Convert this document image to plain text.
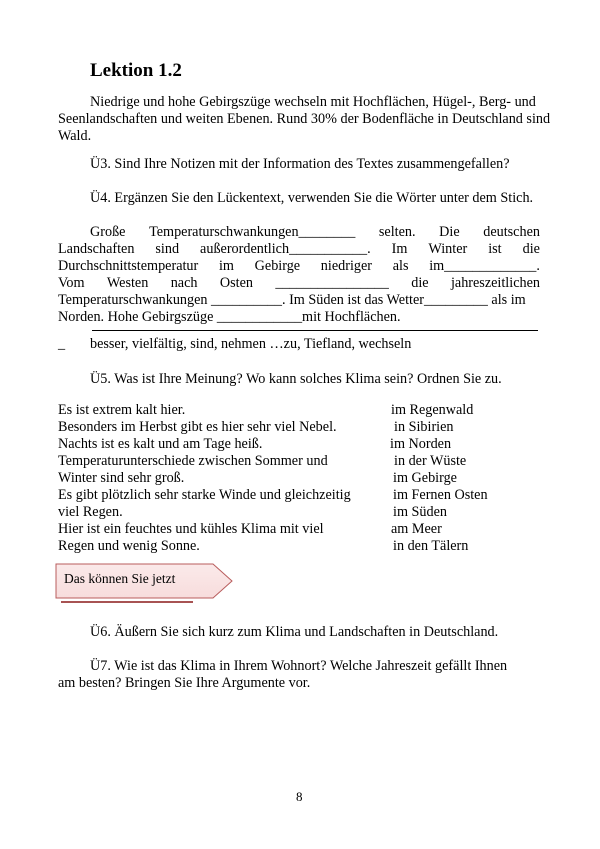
Lektion 1.2
Niedrige und hohe Gebirgszüge wechseln mit Hochflächen, Hügel-, Berg- und
Seenlandschaften und weiten Ebenen. Rund 30% der Bodenfläche in Deutschland sind
Wald.
Ü3. Sind Ihre Notizen mit der Information des Textes zusammengefallen?
Ü4. Ergänzen Sie den Lückentext, verwenden Sie die Wörter unter dem Stich.
Große Temperaturschwankungen________ selten. Die deutschen
Landschaften sind außerordentlich___________. Im Winter ist die
Durchschnittstemperatur im Gebirge niedriger als im_____________.
Vom Westen nach Osten ________________ die jahreszeitlichen
Temperaturschwankungen __________. Im Süden ist das Wetter_________ als im
Norden. Hohe Gebirgszüge ____________mit Hochflächen.
_ besser, vielfältig, sind, nehmen …zu, Tiefland, wechseln
Ü5. Was ist Ihre Meinung? Wo kann solches Klima sein? Ordnen Sie zu.
Es ist extrem kalt hier.
Besonders im Herbst gibt es hier sehr viel Nebel.
Nachts ist es kalt und am Tage heiß.
Temperaturunterschiede zwischen Sommer und
Winter sind sehr groß.
Es gibt plötzlich sehr starke Winde und gleichzeitig
viel Regen.
Hier ist ein feuchtes und kühles Klima mit viel
Regen und wenig Sonne.
im Regenwald
in Sibirien
im Norden
in der Wüste
im Gebirge
im Fernen Osten
im Süden
am Meer
in den Tälern
Das können Sie jetzt
Ü6. Äußern Sie sich kurz zum Klima und Landschaften in Deutschland.
Ü7. Wie ist das Klima in Ihrem Wohnort? Welche Jahreszeit gefällt Ihnen
am besten? Bringen Sie Ihre Argumente vor.
8
